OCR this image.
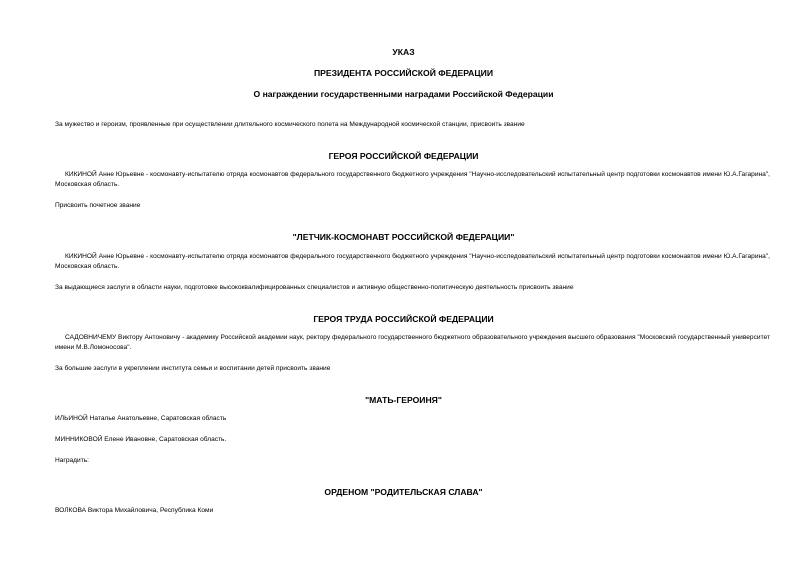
УКАЗ
ПРЕЗИДЕНТА РОССИЙСКОЙ ФЕДЕРАЦИИ
О награждении государственными наградами Российской Федерации
За мужество и героизм, проявленные при осуществлении длительного космического полета на Международной космической станции, присвоить звание
ГЕРОЯ РОССИЙСКОЙ ФЕДЕРАЦИИ
КИКИНОЙ Анне Юрьевне - космонавту-испытателю отряда космонавтов федерального государственного бюджетного учреждения "Научно-исследовательский испытательный центр подготовки космонавтов имени Ю.А.Гагарина", Московская область.
Присвоить почетное звание
"ЛЕТЧИК-КОСМОНАВТ РОССИЙСКОЙ ФЕДЕРАЦИИ"
КИКИНОЙ Анне Юрьевне - космонавту-испытателю отряда космонавтов федерального государственного бюджетного учреждения "Научно-исследовательский испытательный центр подготовки космонавтов имени Ю.А.Гагарина", Московская область.
За выдающиеся заслуги в области науки, подготовке высококвалифицированных специалистов и активную общественно-политическую деятельность присвоить звание
ГЕРОЯ ТРУДА РОССИЙСКОЙ ФЕДЕРАЦИИ
САДОВНИЧЕМУ Виктору Антоновичу - академику Российской академии наук, ректору федерального государственного бюджетного образовательного учреждения высшего образования "Московский государственный университет имени М.В.Ломоносова".
За большие заслуги в укреплении института семьи и воспитании детей присвоить звание
"МАТЬ-ГЕРОИНЯ"
ИЛЬИНОЙ Наталье Анатольевне, Саратовская область
МИННИКОВОЙ Елене Ивановне, Саратовская область.
Наградить:
ОРДЕНОМ "РОДИТЕЛЬСКАЯ СЛАВА"
ВОЛКОВА Виктора Михайловича, Республика Коми
